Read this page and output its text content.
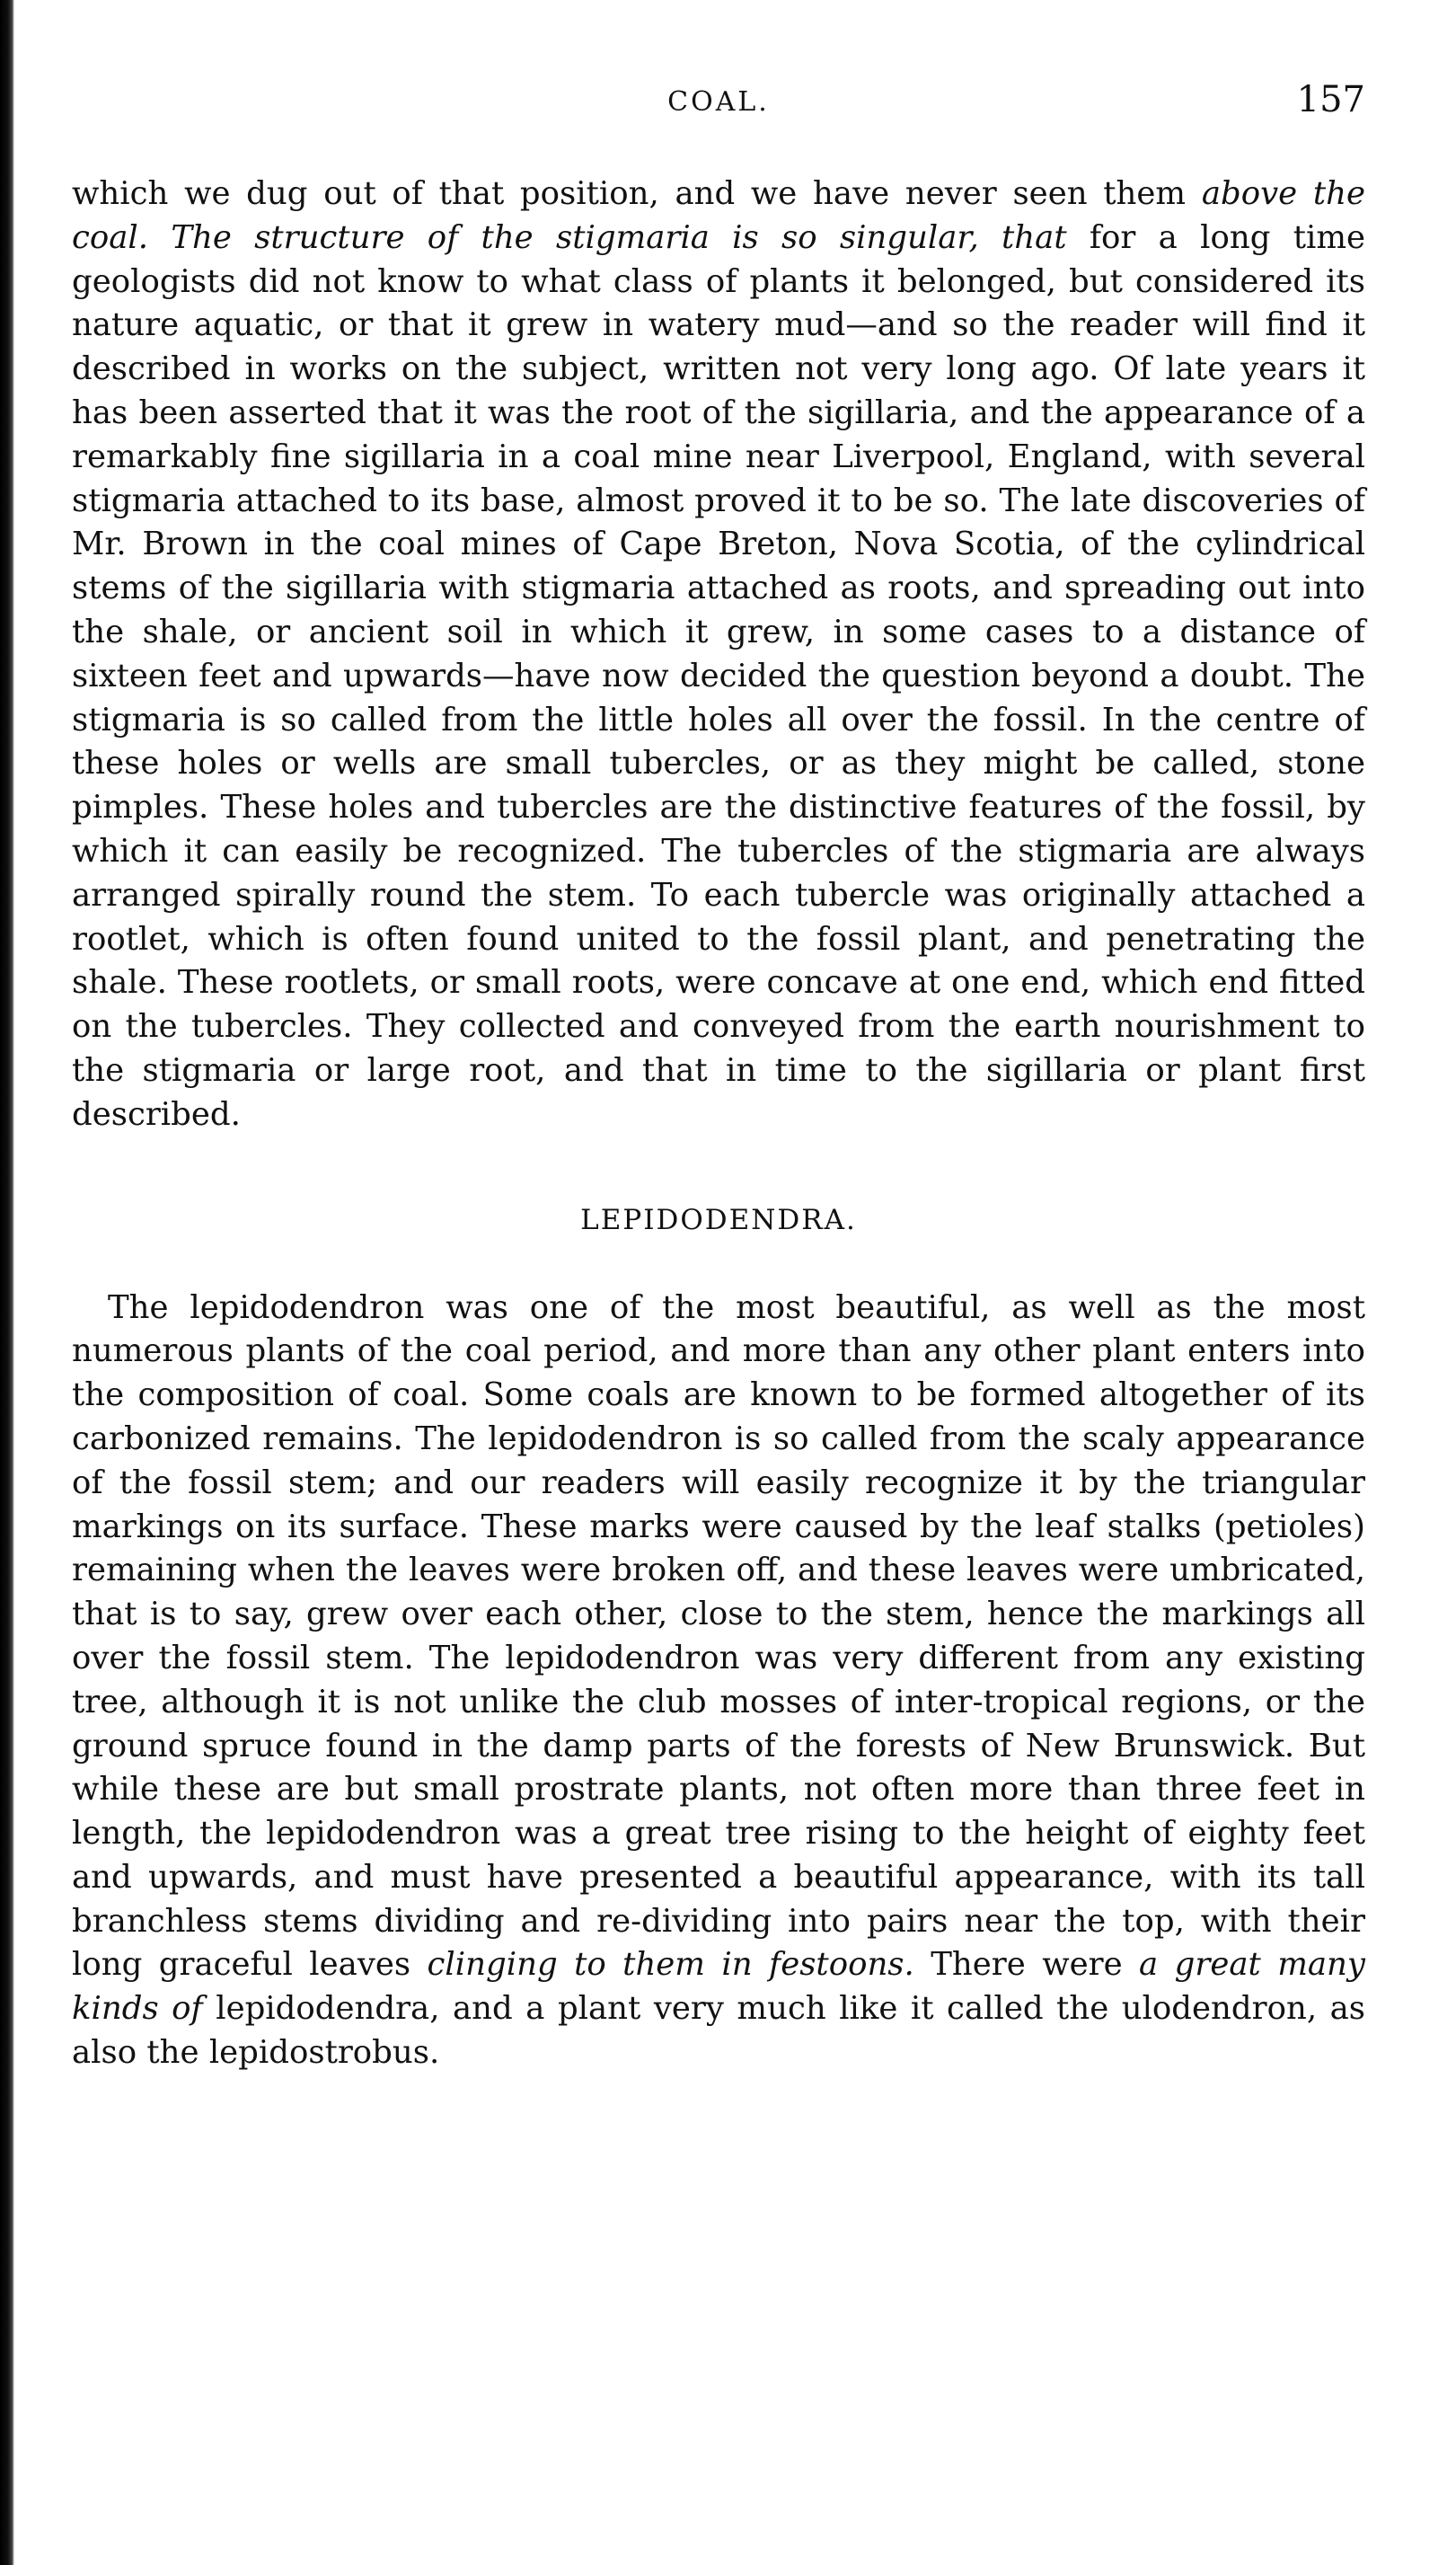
COAL.	157

which we dug out of that position, and we have never seen them above the coal. The structure of the stigmaria is so singular, that for a long time geologists did not know to what class of plants it belonged, but considered its nature aquatic, or that it grew in watery mud—and so the reader will find it described in works on the subject, written not very long ago. Of late years it has been asserted that it was the root of the sigillaria, and the appearance of a remarkably fine sigillaria in a coal mine near Liverpool, England, with several stigmaria attached to its base, almost proved it to be so. The late discoveries of Mr. Brown in the coal mines of Cape Breton, Nova Scotia, of the cylindrical stems of the sigillaria with stigmaria attached as roots, and spreading out into the shale, or ancient soil in which it grew, in some cases to a distance of sixteen feet and upwards—have now decided the question beyond a doubt. The stigmaria is so called from the little holes all over the fossil. In the centre of these holes or wells are small tubercles, or as they might be called, stone pimples. These holes and tubercles are the distinctive features of the fossil, by which it can easily be recognized. The tubercles of the stigmaria are always arranged spirally round the stem. To each tubercle was originally attached a rootlet, which is often found united to the fossil plant, and penetrating the shale. These rootlets, or small roots, were concave at one end, which end fitted on the tubercles. They collected and conveyed from the earth nourishment to the stigmaria or large root, and that in time to the sigillaria or plant first described.

LEPIDODENDRA.

The lepidodendron was one of the most beautiful, as well as the most numerous plants of the coal period, and more than any other plant enters into the composition of coal. Some coals are known to be formed altogether of its carbonized remains. The lepidodendron is so called from the scaly appearance of the fossil stem; and our readers will easily recognize it by the triangular markings on its surface. These marks were caused by the leaf stalks (petioles) remaining when the leaves were broken off, and these leaves were umbricated, that is to say, grew over each other, close to the stem, hence the markings all over the fossil stem. The lepidodendron was very different from any existing tree, although it is not unlike the club mosses of inter-tropical regions, or the ground spruce found in the damp parts of the forests of New Brunswick. But while these are but small prostrate plants, not often more than three feet in length, the lepidodendron was a great tree rising to the height of eighty feet and upwards, and must have presented a beautiful appearance, with its tall branchless stems dividing and re-dividing into pairs near the top, with their long graceful leaves clinging to them in festoons. There were a great many kinds of lepidodendra, and a plant very much like it called the ulodendron, as also the lepidostrobus.
